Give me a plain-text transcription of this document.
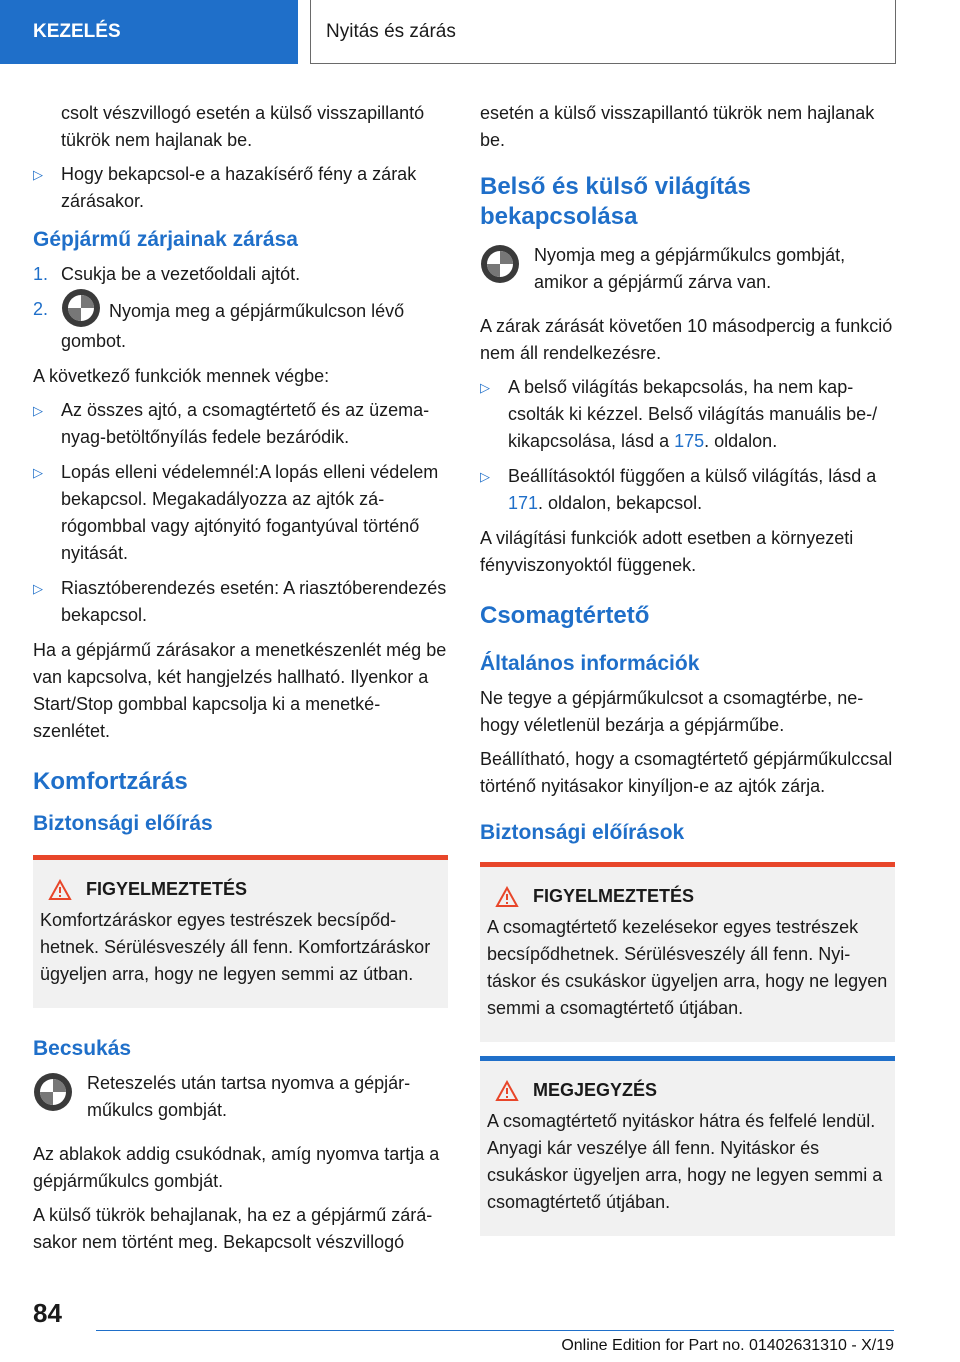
KEZELÉS	Nyitás és zárás

csolt vészvillogó esetén a külső visszapillantó tükrök nem hajlanak be.

▷ Hogy bekapcsol-e a hazakísérő fény a zárak zárásakor.
Gépjármű zárjainak zárása
1. Csukja be a vezetőoldali ajtót.
2.	Nyomja meg a gépjárműkulcson lévő gombot.

A következő funkciók mennek végbe:

▷ Az összes ajtó, a csomagtértető és az üzemanyag-betöltőnyílás fedele bezáródik.
▷ Lopás elleni védelemnél:A lopás elleni védelem bekapcsol. Megakadályozza az ajtók zárógombbal vagy ajtónyitó fogantyúval történő nyitását.
▷ Riasztóberendezés esetén: A riasztóberendezés bekapcsol.

Ha a gépjármű zárásakor a menetkészenlét még be van kapcsolva, két hangjelzés hallható. Ilyenkor a Start/Stop gombbal kapcsolja ki a menetkészenlétet.

Komfortzárás
Biztonsági előírás
FIGYELMEZTETÉS
Komfortzáráskor egyes testrészek becsípődhetnek. Sérülésveszély áll fenn. Komfortzáráskor ügyeljen arra, hogy ne legyen semmi az útban.
Becsukás

Reteszelés után tartsa nyomva a gépjárműkulcs gombját.

Az ablakok addig csukódnak, amíg nyomva tartja a gépjárműkulcs gombját.

A külső tükrök behajlanak, ha ez a gépjármű zárásakor nem történt meg. Bekapcsolt vészvillogó

esetén a külső visszapillantó tükrök nem hajlanak be.

Belső és külső világítás bekapcsolása

Nyomja meg a gépjárműkulcs gombját, amikor a gépjármű zárva van.

A zárak zárását követően 10 másodpercig a funkció nem áll rendelkezésre.

▷ A belső világítás bekapcsolás, ha nem kapcsolták ki kézzel. Belső világítás manuális be-/ kikapcsolása, lásd a 175. oldalon.
▷ Beállításoktól függően a külső világítás, lásd a 171. oldalon, bekapcsol.

A világítási funkciók adott esetben a környezeti fényviszonyoktól függenek.

Csomagtértető
Általános információk

Ne tegye a gépjárműkulcsot a csomagtérbe, nehogy véletlenül bezárja a gépjárműbe.

Beállítható, hogy a csomagtértető gépjárműkulccsal történő nyitásakor kinyíljon-e az ajtók zárja.

Biztonsági előírások
FIGYELMEZTETÉS
A csomagtértető kezelésekor egyes testrészek becsípődhetnek. Sérülésveszély áll fenn. Nyitáskor és csukáskor ügyeljen arra, hogy ne legyen semmi a csomagtértető útjában.
MEGJEGYZÉS
A csomagtértető nyitáskor hátra és felfelé lendül. Anyagi kár veszélye áll fenn. Nyitáskor és csukáskor ügyeljen arra, hogy ne legyen semmi a csomagtértető útjában.
84
Online Edition for Part no. 01402631310 - X/19
